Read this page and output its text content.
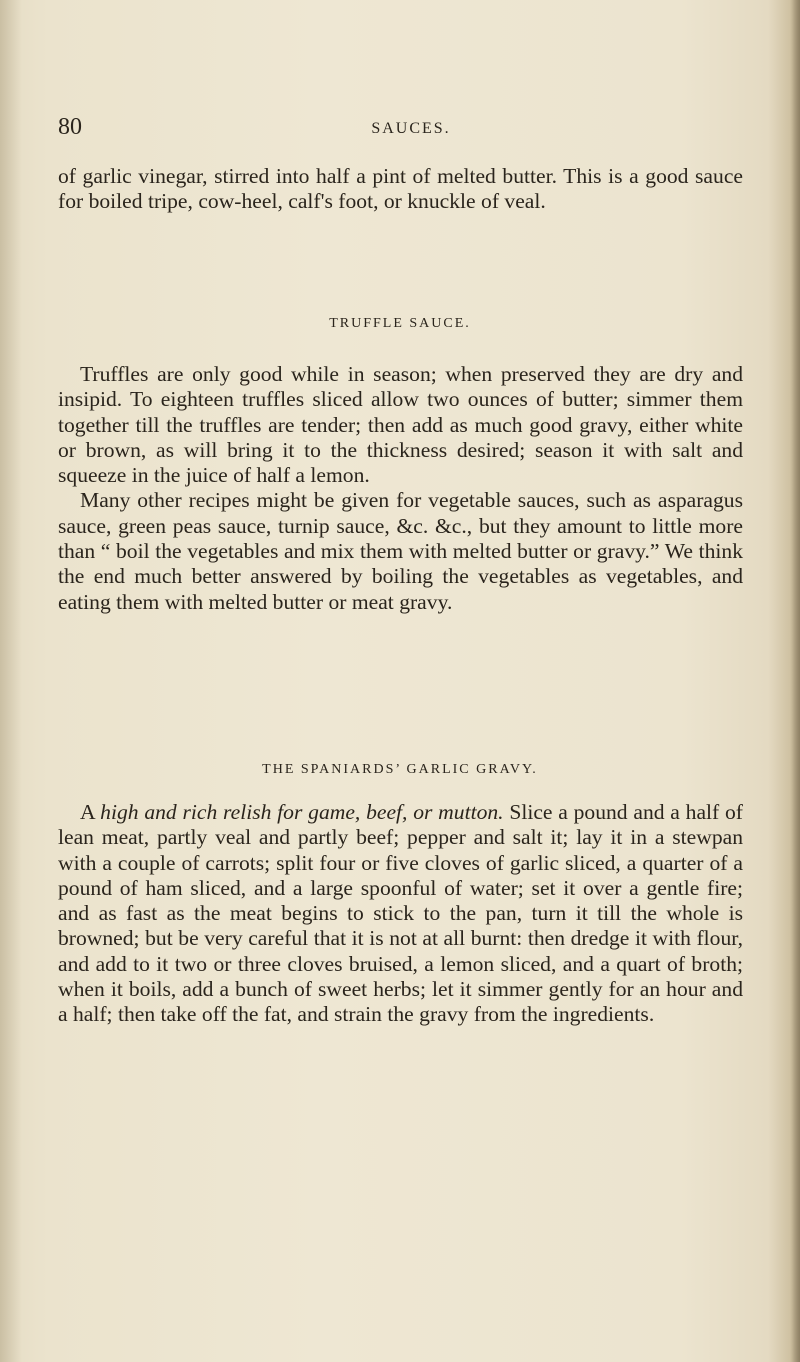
80	SAUCES.

of garlic vinegar, stirred into half a pint of melted butter. This is a good sauce for boiled tripe, cow-heel, calf's foot, or knuckle of veal.

TRUFFLE SAUCE.

Truffles are only good while in season; when preserved they are dry and insipid. To eighteen truffles sliced allow two ounces of butter; simmer them together till the truffles are tender; then add as much good gravy, either white or brown, as will bring it to the thickness desired; season it with salt and squeeze in the juice of half a lemon.

Many other recipes might be given for vegetable sauces, such as asparagus sauce, green peas sauce, turnip sauce, &c. &c., but they amount to little more than “ boil the vegetables and mix them with melted butter or gravy.” We think the end much better answered by boiling the vegetables as vegetables, and eating them with melted butter or meat gravy.

THE SPANIARDS’ GARLIC GRAVY.

A high and rich relish for game, beef, or mutton. Slice a pound and a half of lean meat, partly veal and partly beef; pepper and salt it; lay it in a stewpan with a couple of carrots; split four or five cloves of garlic sliced, a quarter of a pound of ham sliced, and a large spoonful of water; set it over a gentle fire; and as fast as the meat begins to stick to the pan, turn it till the whole is browned; but be very careful that it is not at all burnt: then dredge it with flour, and add to it two or three cloves bruised, a lemon sliced, and a quart of broth; when it boils, add a bunch of sweet herbs; let it simmer gently for an hour and a half; then take off the fat, and strain the gravy from the ingredients.
